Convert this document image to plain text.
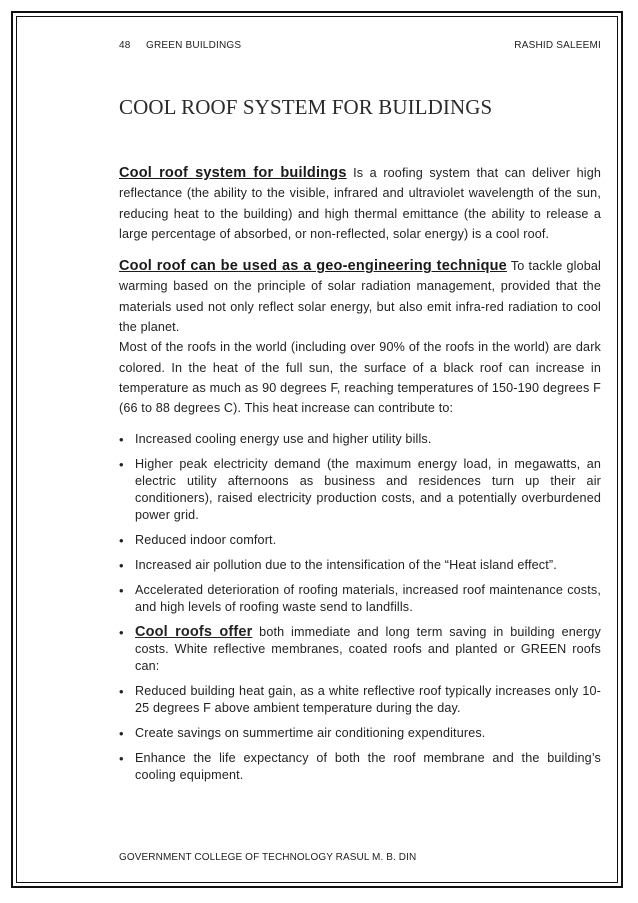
48 GREEN BUILDINGS	RASHID SALEEMI
COOL ROOF SYSTEM FOR BUILDINGS

Cool roof system for buildings Is a roofing system that can deliver high reflectance (the ability to the visible, infrared and ultraviolet wavelength of the sun, reducing heat to the building) and high thermal emittance (the ability to release a large percentage of absorbed, or non-reflected, solar energy) is a cool roof.

Cool roof can be used as a geo-engineering technique To tackle global warming based on the principle of solar radiation management, provided that the materials used not only reflect solar energy, but also emit infra-red radiation to cool the planet.

Most of the roofs in the world (including over 90% of the roofs in the world) are dark colored. In the heat of the full sun, the surface of a black roof can increase in temperature as much as 90 degrees F, reaching temperatures of 150-190 degrees F (66 to 88 degrees C). This heat increase can contribute to:

• Increased cooling energy use and higher utility bills.
• Higher peak electricity demand (the maximum energy load, in megawatts, an electric utility afternoons as business and residences turn up their air conditioners), raised electricity production costs, and a potentially overburdened power grid.
• Reduced indoor comfort.
• Increased air pollution due to the intensification of the “Heat island effect”.
• Accelerated deterioration of roofing materials, increased roof maintenance costs, and high levels of roofing waste send to landfills.
• Cool roofs offer both immediate and long term saving in building energy costs. White reflective membranes, coated roofs and planted or GREEN roofs can:
• Reduced building heat gain, as a white reflective roof typically increases only 10-25 degrees F above ambient temperature during the day.
• Create savings on summertime air conditioning expenditures.
• Enhance the life expectancy of both the roof membrane and the building’s cooling equipment.
GOVERNMENT COLLEGE OF TECHNOLOGY RASUL M. B. DIN
